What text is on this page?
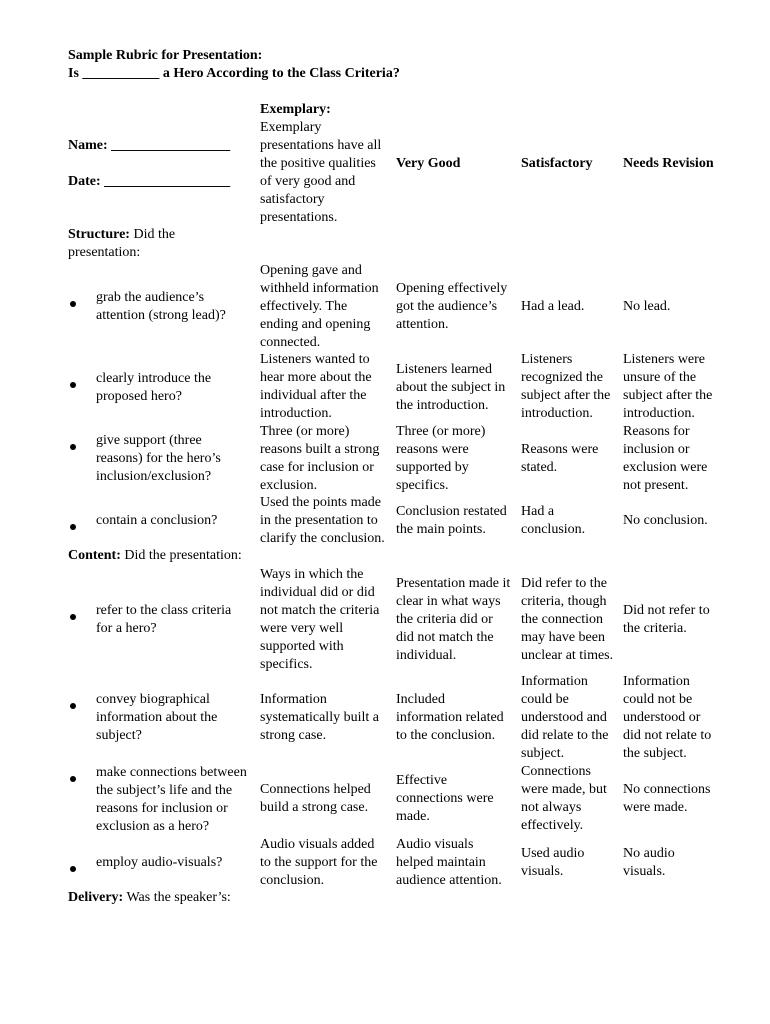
Sample Rubric for Presentation:
Is ___________ a Hero According to the Class Criteria?
Name: _________________
Date: __________________
Exemplary:
Exemplary
presentations have all
the positive qualities
of very good and
satisfactory
presentations.
Very Good	Satisfactory Needs Revision
Structure: Did the
presentation:
grab the audience’s
attention (strong lead)?
Opening gave and
withheld information
effectively. The
ending and opening
connected.
Opening effectively
got the audience’s
attention.
Had a lead.	No lead.
clearly introduce the
proposed hero?
Listeners wanted to
hear more about the
individual after the
introduction.
Listeners learned
about the subject in
the introduction.
Listeners
recognized the
subject after the
introduction.
Listeners were
unsure of the
subject after the
introduction.
give support (three
reasons) for the hero’s
inclusion/exclusion?
Three (or more)
reasons built a strong
case for inclusion or
exclusion.
Three (or more)
reasons were
supported by
specifics.
Reasons were
stated.
Reasons for
inclusion or
exclusion were
not present.
contain a conclusion?
Used the points made
in the presentation to
clarify the conclusion.
Conclusion restated
the main points.
Had a
conclusion.
No conclusion.
refer to the class criteria
for a hero?
Ways in which the
individual did or did
not match the criteria
were very well
supported with
specifics.
Presentation made it
clear in what ways
the criteria did or
did not match the
individual.
Did refer to the
criteria, though
the connection
may have been
unclear at times.
Did not refer to
the criteria.
convey biographical
information about the
subject?
Information
systematically built a
strong case.
Included
information related
to the conclusion.
Information
could be
understood and
did relate to the
subject.
Information
could not be
understood or
did not relate to
the subject.
make connections between
the subject’s life and the
reasons for inclusion or
exclusion as a hero?
Connections helped
build a strong case.
Effective
connections were
made.
Connections
were made, but
not always
effectively.
No connections
were made.
employ audio-visuals?
Audio visuals added
to the support for the
conclusion.
Audio visuals
helped maintain
audience attention.
Used audio
visuals.
No audio
visuals.
Content: Did the presentation:
Delivery: Was the speaker’s:
